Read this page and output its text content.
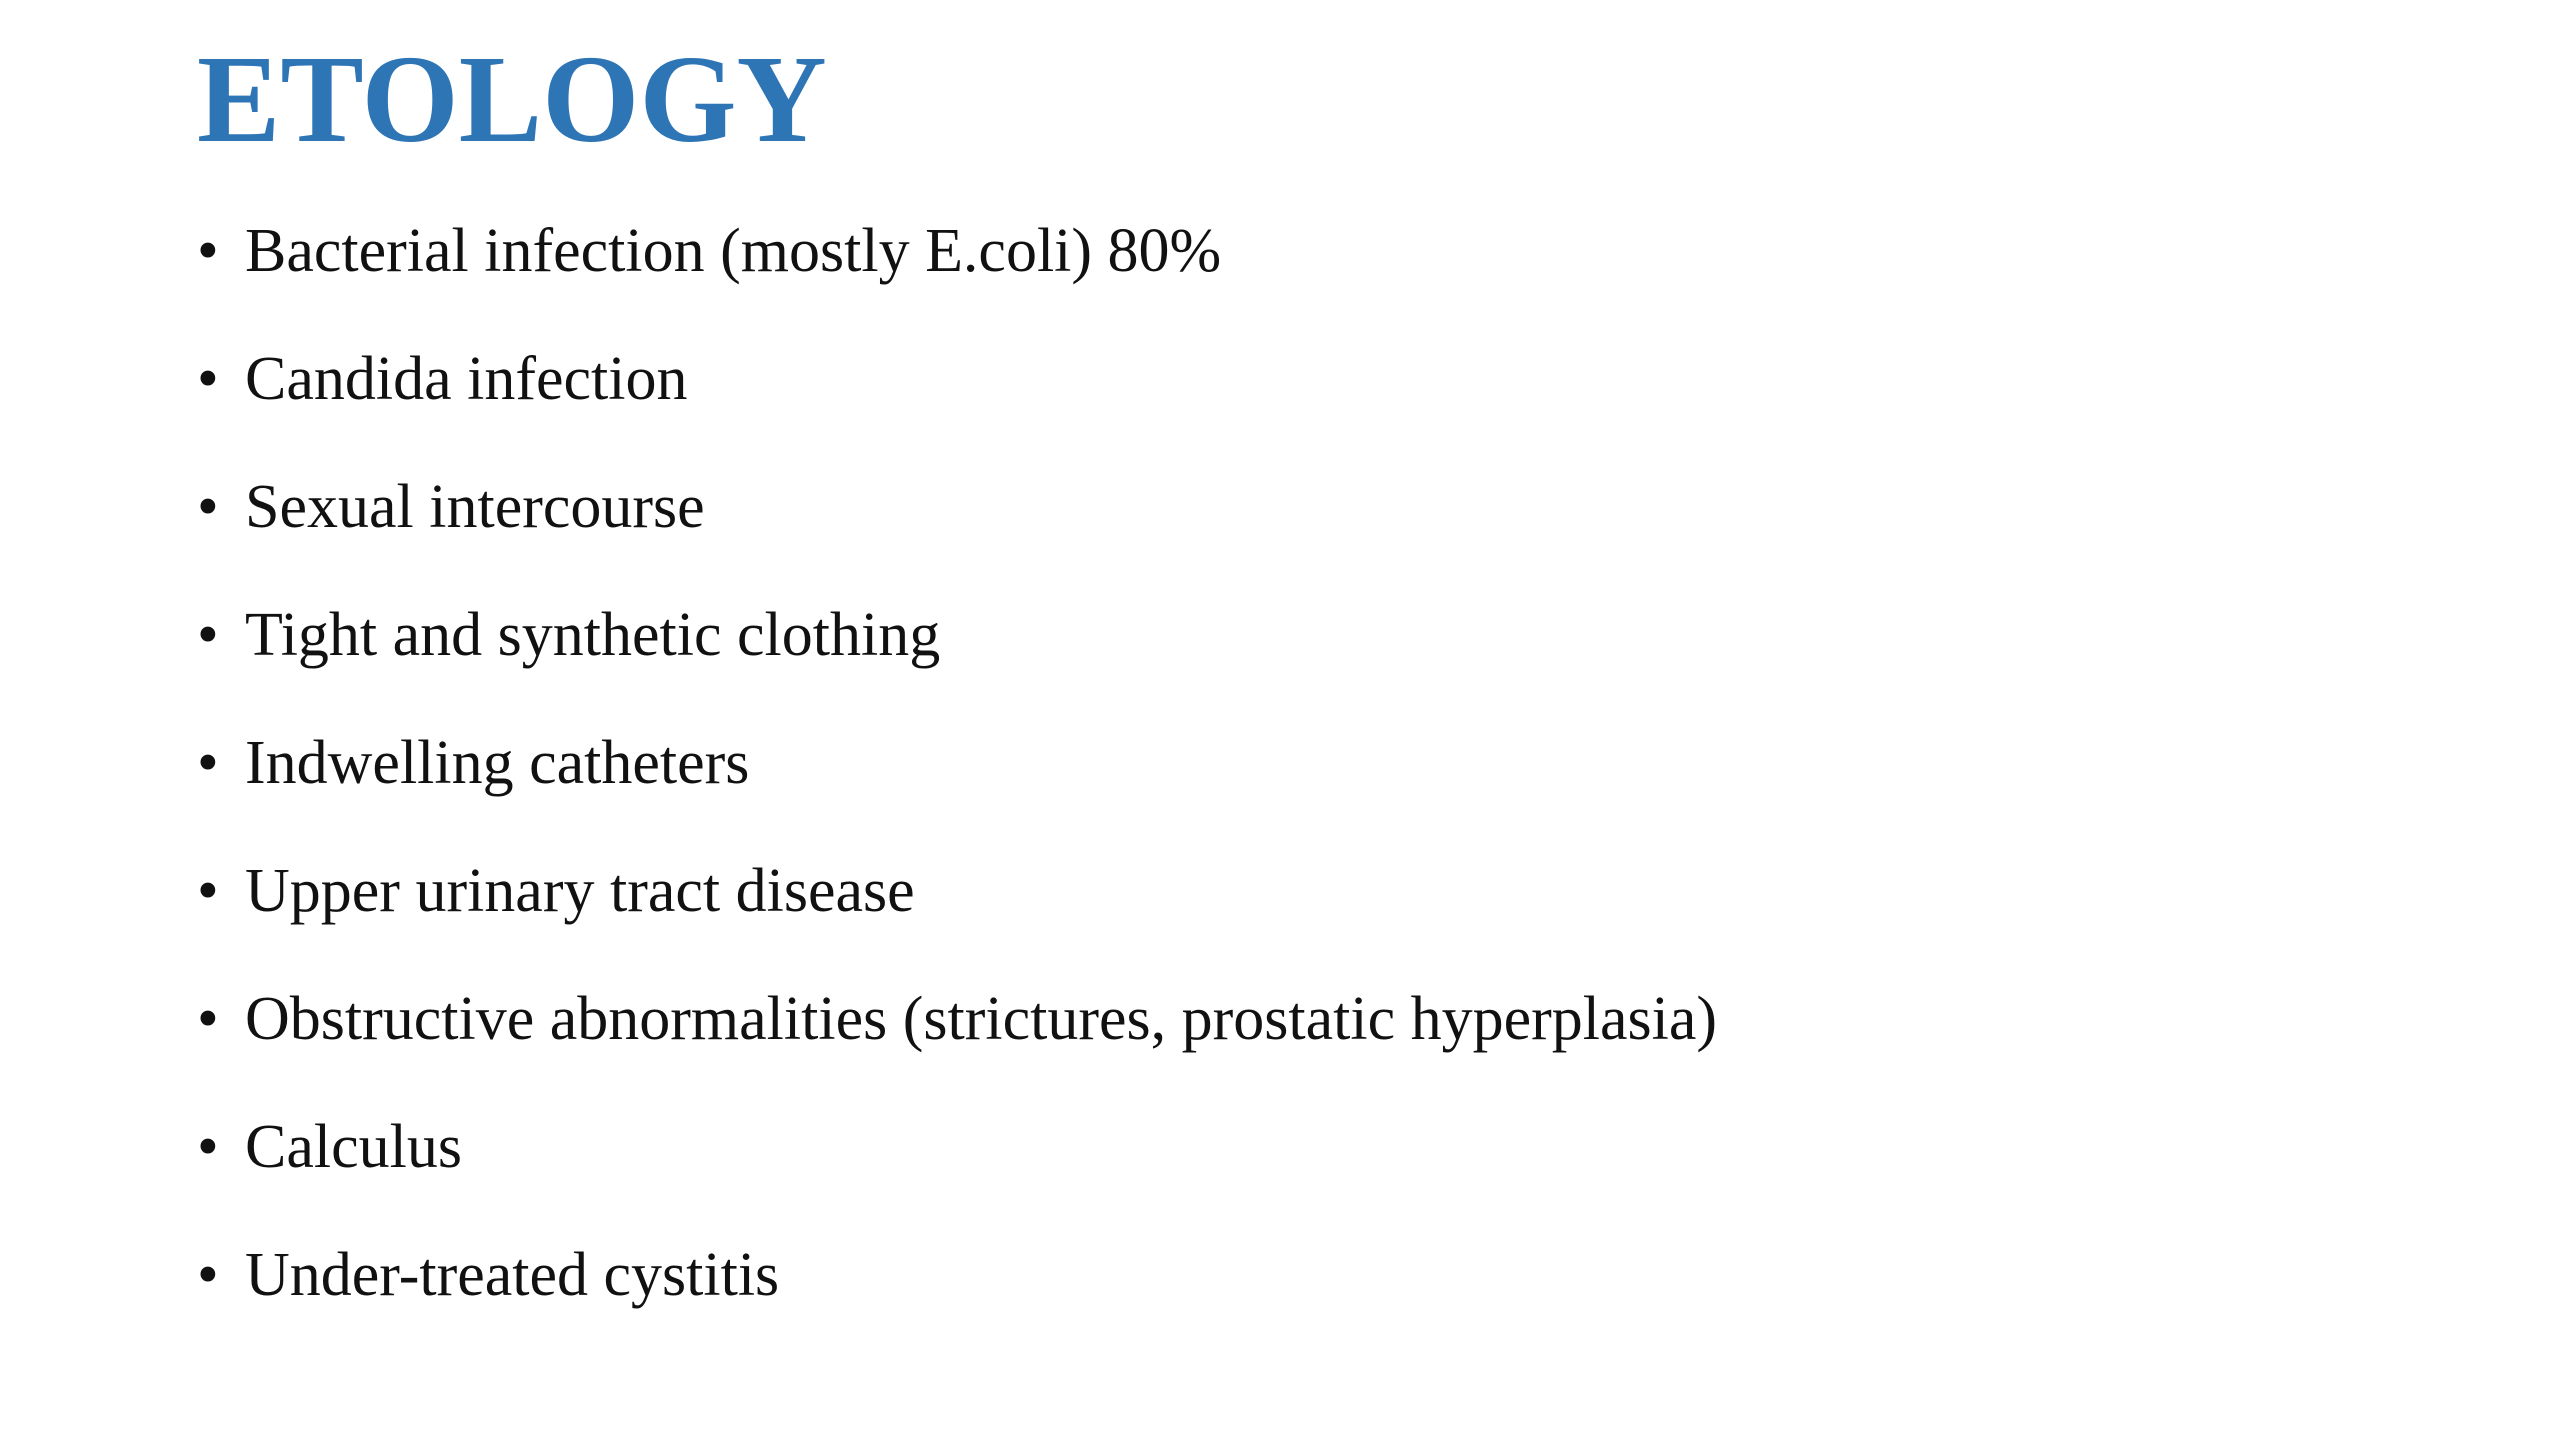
ETOLOGY
• Bacterial infection (mostly E.coli) 80%
• Candida infection
• Sexual intercourse
• Tight and synthetic clothing
• Indwelling catheters
• Upper urinary tract disease
• Obstructive abnormalities (strictures, prostatic hyperplasia)
• Calculus
• Under-treated cystitis
